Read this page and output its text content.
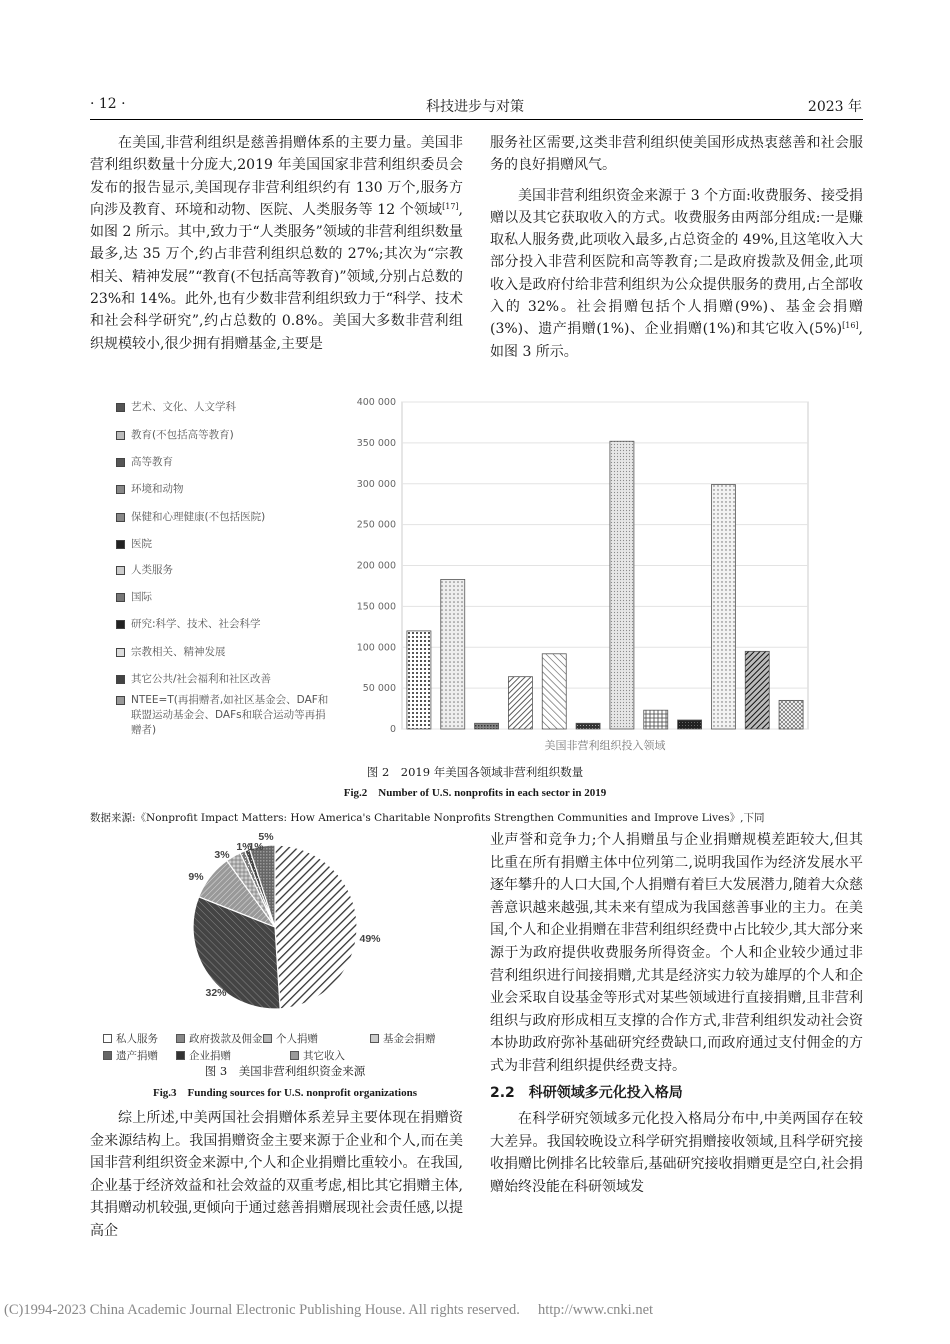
· 12 ·	科技进步与对策	2023 年

在美国,非营利组织是慈善捐赠体系的主要力量。美国非营利组织数量十分庞大,2019 年美国国家非营利组织委员会发布的报告显示,美国现存非营利组织约有 130 万个,服务方向涉及教育、环境和动物、医院、人类服务等 12 个领域[17],如图 2 所示。其中,致力于“人类服务”领域的非营利组织数量最多,达 35 万个,约占非营利组织总数的 27%;其次为“宗教相关、精神发展”“教育(不包括高等教育)”领域,分别占总数的 23%和 14%。此外,也有少数非营利组织致力于“科学、技术和社会科学研究”,约占总数的 0.8%。美国大多数非营利组织规模较小,很少拥有捐赠基金,主要是

服务社区需要,这类非营利组织使美国形成热衷慈善和社会服务的良好捐赠风气。

美国非营利组织资金来源于 3 个方面:收费服务、接受捐赠以及其它获取收入的方式。收费服务由两部分组成:一是赚取私人服务费,此项收入最多,占总资金的 49%,且这笔收入大部分投入非营利医院和高等教育;二是政府拨款及佣金,此项收入是政府付给非营利组织为公众提供服务的费用,占全部收入的 32%。社会捐赠包括个人捐赠(9%)、基金会捐赠(3%)、遗产捐赠(1%)、企业捐赠(1%)和其它收入(5%)[16],如图 3 所示。

艺术、文化、人文学科
教育(不包括高等教育)
高等教育
环境和动物
保健和心理健康(不包括医院)
医院
人类服务
国际
研究:科学、技术、社会科学
宗教相关、精神发展
其它公共/社会福利和社区改善
NTEE=T(再捐赠者,如社区基金会、DAF和联盟运动基金会、DAFs和联合运动等再捐赠者)	0
50 000
100 000
150 000
200 000
250 000
300 000
350 000
400 000
美国非营利组织投入领域
图 2　2019 年美国各领域非营利组织数量
Fig.2　Number of U.S. nonprofits in each sector in 2019
数据来源:《Nonprofit Impact Matters: How America's Charitable Nonprofits Strengthen Communities and Improve Lives》,下同
49%
32%
9%
3%
1%
1%
5%
私人服务	政府拨款及佣金 个人捐赠	基金会捐赠
遗产捐赠	企业捐赠	其它收入
图 3　美国非营利组织资金来源
Fig.3　Funding sources for U.S. nonprofit organizations

综上所述,中美两国社会捐赠体系差异主要体现在捐赠资金来源结构上。我国捐赠资金主要来源于企业和个人,而在美国非营利组织资金来源中,个人和企业捐赠比重较小。在我国,企业基于经济效益和社会效益的双重考虑,相比其它捐赠主体,其捐赠动机较强,更倾向于通过慈善捐赠展现社会责任感,以提高企

业声誉和竞争力;个人捐赠虽与企业捐赠规模差距较大,但其比重在所有捐赠主体中位列第二,说明我国作为经济发展水平逐年攀升的人口大国,个人捐赠有着巨大发展潜力,随着大众慈善意识越来越强,其未来有望成为我国慈善事业的主力。在美国,个人和企业捐赠在非营利组织经费中占比较少,其大部分来源于为政府提供收费服务所得资金。个人和企业较少通过非营利组织进行间接捐赠,尤其是经济实力较为雄厚的个人和企业会采取自设基金等形式对某些领域进行直接捐赠,且非营利组织与政府形成相互支撑的合作方式,非营利组织发动社会资本协助政府弥补基础研究经费缺口,而政府通过支付佣金的方式为非营利组织提供经费支持。

2.2　科研领域多元化投入格局

在科学研究领域多元化投入格局分布中,中美两国存在较大差异。我国较晚设立科学研究捐赠接收领域,且科学研究接收捐赠比例排名比较靠后,基础研究接收捐赠更是空白,社会捐赠始终没能在科研领域发

(C)1994-2023 China Academic Journal Electronic Publishing House. All rights reserved.　 http://www.cnki.net
